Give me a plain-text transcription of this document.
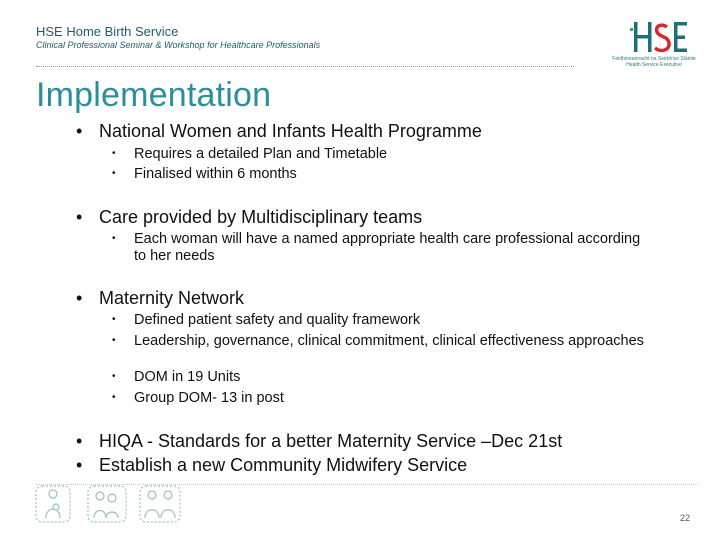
HSE Home Birth Service
Clinical Professional Seminar & Workshop for Healthcare Professionals
Feidhmeannacht na Seirbhíse Sláinte
Health Service Executive
Implementation
• National Women and Infants Health Programme
• Requires a detailed Plan and Timetable
• Finalised within 6 months
• Care provided by Multidisciplinary teams
• Each woman will have a named appropriate health care professional according to her needs
• Maternity Network
• Defined patient safety and quality framework
• Leadership, governance, clinical commitment, clinical effectiveness approaches
• DOM in 19 Units
• Group DOM- 13 in post
• HIQA - Standards for a better Maternity Service –Dec 21st
• Establish a new Community Midwifery Service
22
